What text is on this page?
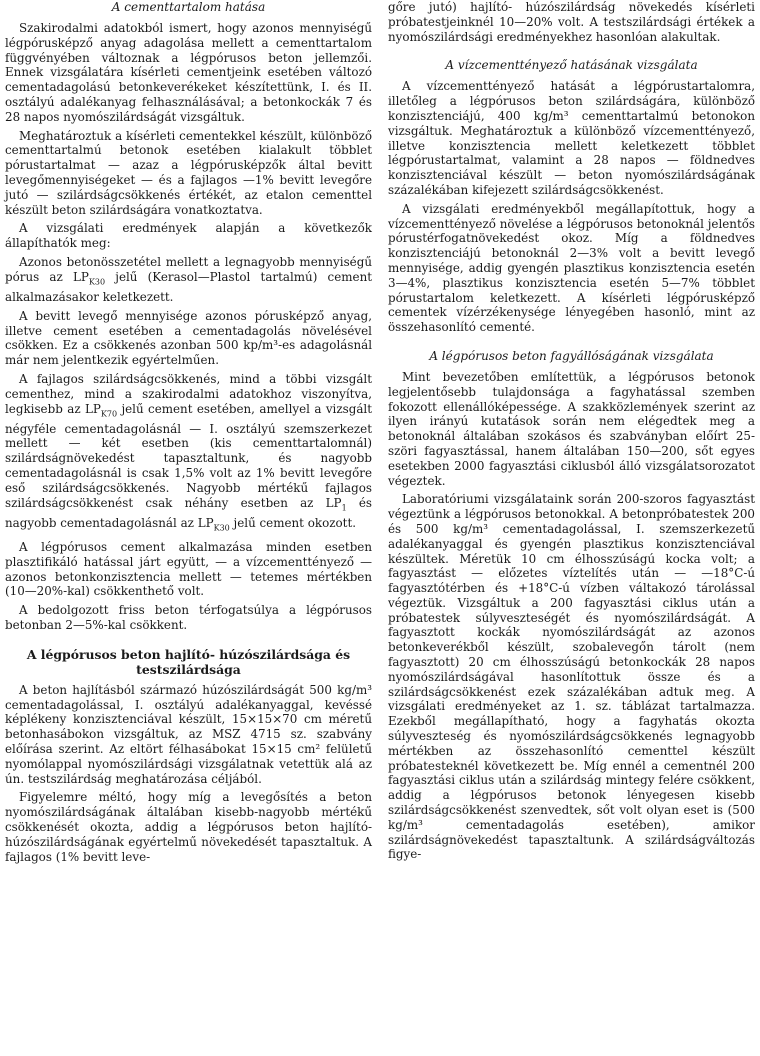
A cementtartalom hatása

Szakirodalmi adatokból ismert, hogy azonos mennyiségű légpórusképző anyag adagolása mellett a cementtartalom függvényében változnak a légpórusos beton jellemzői. Ennek vizsgálatára kísérleti cementjeink esetében változó cementadagolású betonkeverékeket készítettünk, I. és II. osztályú adalékanyag felhasználásával; a betonkockák 7 és 28 napos nyomószilárdságát vizsgáltuk.

Meghatároztuk a kísérleti cementekkel készült, különböző cementtartalmú betonok esetében kialakult többlet pórustartalmat — azaz a légpórusképzők által bevitt levegőmennyiségeket — és a fajlagos —1% bevitt levegőre jutó — szilárdságcsökkenés értékét, az etalon cementtel készült beton szilárdságára vonatkoztatva.

A vizsgálati eredmények alapján a következők állapíthatók meg:

Azonos betonösszetétel mellett a legnagyobb mennyiségű pórus az $LP_{K30}$ jelű (Kerasol—Plastol tartalmú) cement alkalmazásakor keletkezett.

A bevitt levegő mennyisége azonos pórusképző anyag, illetve cement esetében a cementadagolás növelésével csökken. Ez a csökkenés azonban 500 kp/m³-es adagolásnál már nem jelentkezik egyértelműen.

A fajlagos szilárdságcsökkenés, mind a többi vizsgált cementhez, mind a szakirodalmi adatokhoz viszonyítva, legkisebb az $LP_{K70}$ jelű cement esetében, amellyel a vizsgált négyféle cementadagolásnál — I. osztályú szemszerkezet mellett — két esetben (kis cementtartalomnál) szilárdságnövekedést tapasztaltunk, és nagyobb cementadagolásnál is csak 1,5% volt az 1% bevitt levegőre eső szilárdságcsökkenés. Nagyobb mértékű fajlagos szilárdságcsökkenést csak néhány esetben az $LP_1$ és nagyobb cementadagolásnál az $LP_{K30}$ jelű cement okozott.

A légpórusos cement alkalmazása minden esetben plasztifikáló hatással járt együtt, — a vízcementtényező — azonos betonkonzisztencia mellett — tetemes mértékben (10—20%-kal) csökkenthető volt.

A bedolgozott friss beton térfogatsúlya a légpórusos betonban 2—5%-kal csökkent.

A légpórusos beton hajlító- húzószilárdsága és testszilárdsága

A beton hajlításból származó húzószilárdságát 500 kg/m³ cementadagolással, I. osztályú adalékanyaggal, kevéssé képlékeny konzisztenciával készült, 15×15×70 cm méretű betonhasábokon vizsgáltuk, az MSZ 4715 sz. szabvány előírása szerint. Az eltört félhasábokat 15×15 cm² felületű nyomólappal nyomószilárdsági vizsgálatnak vetettük alá az ún. testszilárdság meghatározása céljából.

Figyelemre méltó, hogy míg a levegősítés a beton nyomószilárdságának általában kisebb-nagyobb mértékű csökkenését okozta, addig a légpórusos beton hajlító- húzószilárdságának egyértelmű növekedését tapasztaltuk. A fajlagos (1% bevitt leve-

gőre jutó) hajlító- húzószilárdság növekedés kísérleti próbatestjeinknél 10—20% volt. A testszilárdsági értékek a nyomószilárdsági eredményekhez hasonlóan alakultak.

A vízcementtényező hatásának vizsgálata

A vízcementtényező hatását a légpórustartalomra, illetőleg a légpórusos beton szilárdságára, különböző konzisztenciájú, 400 kg/m³ cementtartalmú betonokon vizsgáltuk. Meghatároztuk a különböző vízcementtényező, illetve konzisztencia mellett keletkezett többlet légpórustartalmat, valamint a 28 napos — földnedves konzisztenciával készült — beton nyomószilárdságának százalékában kifejezett szilárdságcsökkenést.

A vizsgálati eredményekből megállapítottuk, hogy a vízcementtényező növelése a légpórusos betonoknál jelentős pórustérfogatnövekedést okoz. Míg a földnedves konzisztenciájú betonoknál 2—3% volt a bevitt levegő mennyisége, addig gyengén plasztikus konzisztencia esetén 3—4%, plasztikus konzisztencia esetén 5—7% többlet pórustartalom keletkezett. A kísérleti légpórusképző cementek vízérzékenysége lényegében hasonló, mint az összehasonlító cementé.

A légpórusos beton fagyállóságának vizsgálata

Mint bevezetőben említettük, a légpórusos betonok legjelentősebb tulajdonsága a fagyhatással szemben fokozott ellenállóképessége. A szakközlemények szerint az ilyen irányú kutatások során nem elégedtek meg a betonoknál általában szokásos és szabványban előírt 25-szöri fagyasztással, hanem általában 150—200, sőt egyes esetekben 2000 fagyasztási ciklusból álló vizsgálatsorozatot végeztek.

Laboratóriumi vizsgálataink során 200-szoros fagyasztást végeztünk a légpórusos betonokkal. A betonpróbatestek 200 és 500 kg/m³ cementadagolással, I. szemszerkezetű adalékanyaggal és gyengén plasztikus konzisztenciával készültek. Méretük 10 cm élhosszúságú kocka volt; a fagyasztást — előzetes víztelítés után — —18°C-ú fagyasztótérben és +18°C-ú vízben váltakozó tárolással végeztük. Vizsgáltuk a 200 fagyasztási ciklus után a próbatestek súlyveszteségét és nyomószilárdságát. A fagyasztott kockák nyomószilárdságát az azonos betonkeverékből készült, szobalevegőn tárolt (nem fagyasztott) 20 cm élhosszúságú betonkockák 28 napos nyomószilárdságával hasonlítottuk össze és a szilárdságcsökkenést ezek százalékában adtuk meg. A vizsgálati eredményeket az 1. sz. táblázat tartalmazza. Ezekből megállapítható, hogy a fagyhatás okozta súlyveszteség és nyomószilárdságcsökkenés legnagyobb mértékben az összehasonlító cementtel készült próbatesteknél következett be. Míg ennél a cementnél 200 fagyasztási ciklus után a szilárdság mintegy felére csökkent, addig a légpórusos betonok lényegesen kisebb szilárdságcsökkenést szenvedtek, sőt volt olyan eset is (500 kg/m³ cementadagolás esetében), amikor szilárdságnövekedést tapasztaltunk. A szilárdságváltozás figye-
